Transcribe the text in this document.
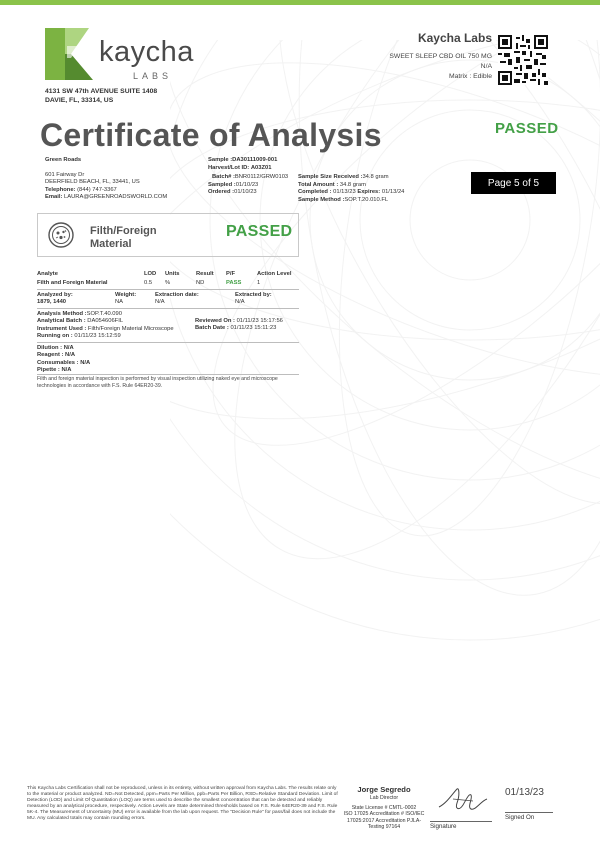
kaycha
LABS
4131 SW 47th AVENUE SUITE 1408
DAVIE, FL, 33314, US
Kaycha Labs
SWEET SLEEP CBD OIL 750 MG
N/A
Matrix : Edible
Certificate of Analysis	PASSED
Page 5 of 5
Green Roads
601 Fairway Dr
DEERFIELD BEACH, FL, 33441, US
Telephone: (844) 747-3367
Email: LAURA@GREENROADSWORLD.COM
Sample :DA30111009-001
Harvest/Lot ID: A03Z01
Batch# :BNR0112/GRW0103
Sampled :01/10/23
Ordered :01/10/23
Sample Size Received :34.8 gram
Total Amount : 34.8 gram
Completed : 01/13/23 Expires: 01/13/24
Sample Method :SOP.T.20.010.FL
Filth/Foreign Material
PASSED
Analyte	LOD Units	Result P/F	Action Level
Filth and Foreign Material	0.5 %	ND	PASS	1
Analyzed by:
1879, 1440
Weight:
NA
Extraction date:
N/A
Extracted by:
N/A
Analysis Method :SOP.T.40.090
Analytical Batch : DA054606FIL
Instrument Used : Filth/Foreign Material Microscope
Running on : 01/11/23 15:12:59
Reviewed On : 01/11/23 15:17:56
Batch Date : 01/11/23 15:11:23
Dilution : N/A
Reagent : N/A
Consumables : N/A
Pipette : N/A
Filth and foreign material inspection is performed by visual inspection utilizing naked eye and microscope technologies in accordance with F.S. Rule 64ER20-39.
This Kaycha Labs Certification shall not be reproduced, unless in its entirety, without written approval from Kaycha Labs. The results relate only to the material or product analyzed. ND=Not Detected, ppm=Parts Per Million, ppb=Parts Per Billion, RSD=Relative Standard Deviation. Limit of Detection (LOD) and Limit Of Quantitation (LOQ) are terms used to describe the smallest concentration that can be detected and reliably measured by an analytical procedure, respectively. Action Levels are State determined thresholds based on F.S. Rule 64ER20-39 and F.S. Rule 5K-4. The Measurement of Uncertainty (MU) error is available from the lab upon request. The "Decision Rule" for pass/fail does not include the MU. Any calculated totals may contain rounding errors.
Jorge Segredo
Lab Director
State License # CMTL-0002
ISO 17025 Accreditation # ISO/IEC
17025:2017 Accreditation PJLA-
Testing 97164	Signature
01/13/23
Signed On
